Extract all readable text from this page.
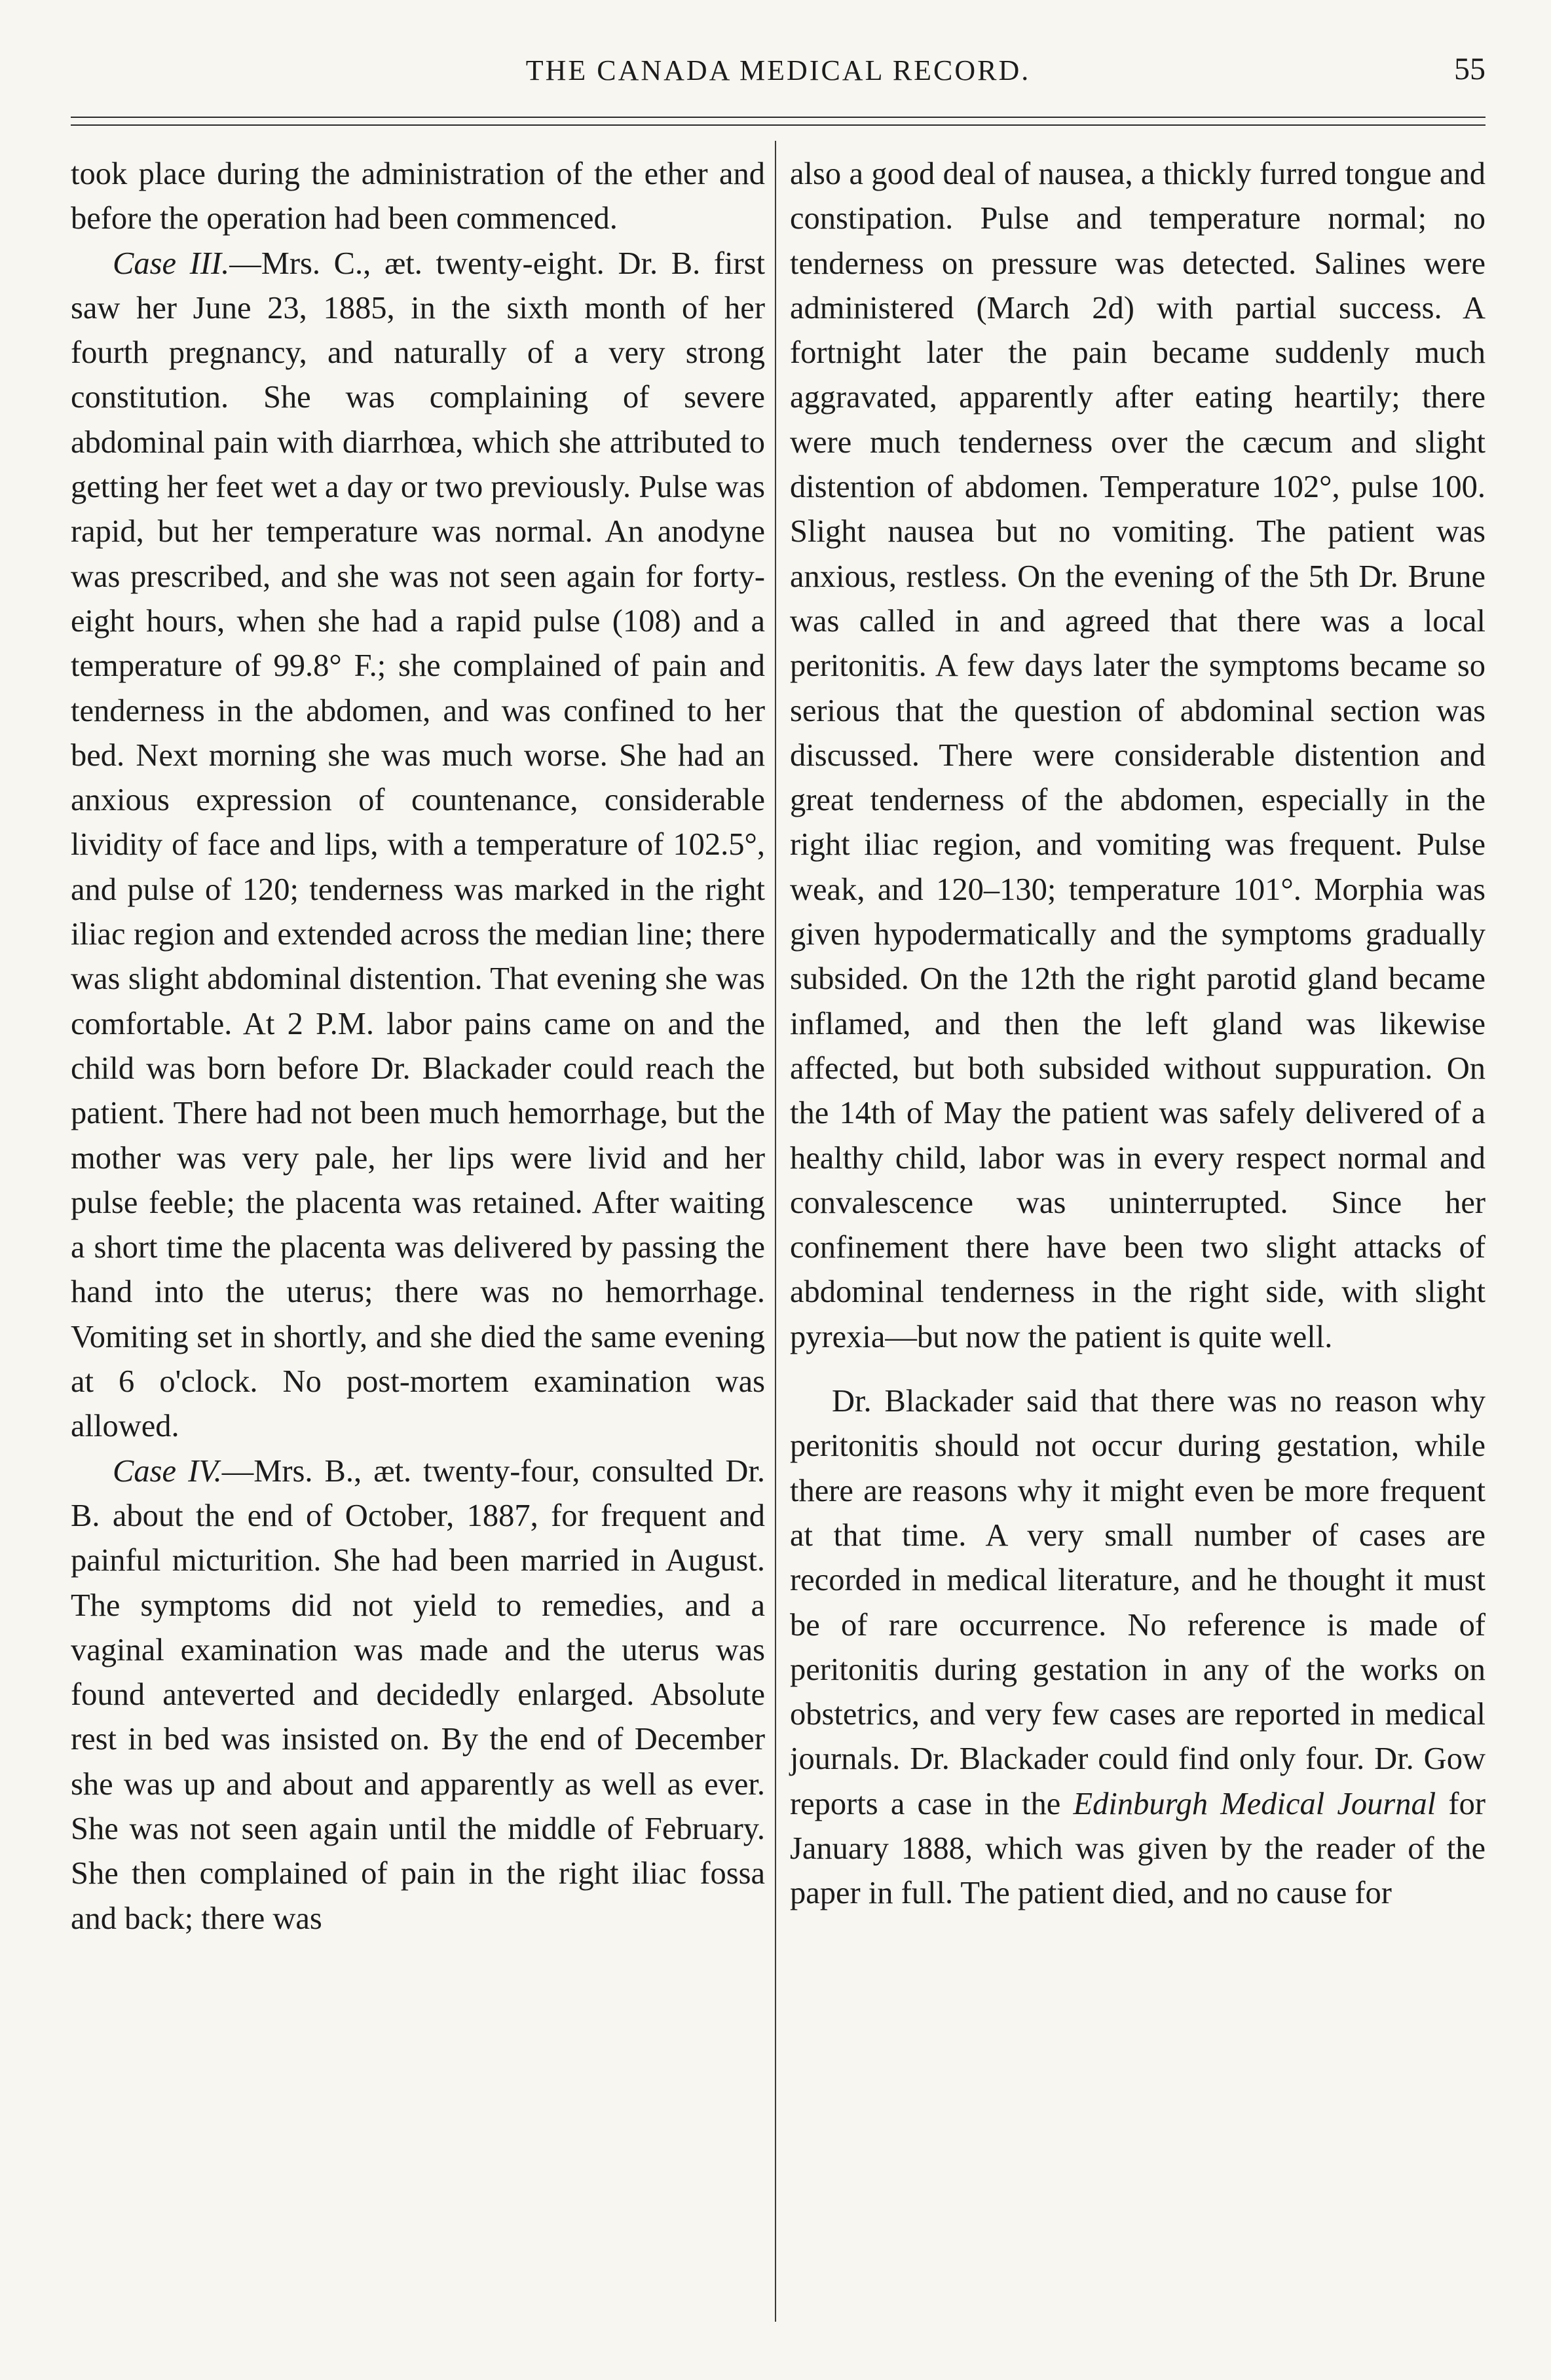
THE CANADA MEDICAL RECORD.	55

took place during the administration of the ether and before the operation had been commenced.

Case III.—Mrs. C., æt. twenty-eight. Dr. B. first saw her June 23, 1885, in the sixth month of her fourth pregnancy, and naturally of a very strong constitution. She was complaining of severe abdominal pain with diarrhœa, which she attributed to getting her feet wet a day or two previously. Pulse was rapid, but her temperature was normal. An anodyne was prescribed, and she was not seen again for forty-eight hours, when she had a rapid pulse (108) and a temperature of 99.8° F.; she complained of pain and tenderness in the abdomen, and was confined to her bed. Next morning she was much worse. She had an anxious expression of countenance, considerable lividity of face and lips, with a temperature of 102.5°, and pulse of 120; tenderness was marked in the right iliac region and extended across the median line; there was slight abdominal distention. That evening she was comfortable. At 2 P.M. labor pains came on and the child was born before Dr. Blackader could reach the patient. There had not been much hemorrhage, but the mother was very pale, her lips were livid and her pulse feeble; the placenta was retained. After waiting a short time the placenta was delivered by passing the hand into the uterus; there was no hemorrhage. Vomiting set in shortly, and she died the same evening at 6 o'clock. No post-mortem examination was allowed.

Case IV.—Mrs. B., æt. twenty-four, consulted Dr. B. about the end of October, 1887, for frequent and painful micturition. She had been married in August. The symptoms did not yield to remedies, and a vaginal examination was made and the uterus was found anteverted and decidedly enlarged. Absolute rest in bed was insisted on. By the end of December she was up and about and apparently as well as ever. She was not seen again until the middle of February. She then complained of pain in the right iliac fossa and back; there was

also a good deal of nausea, a thickly furred tongue and constipation. Pulse and temperature normal; no tenderness on pressure was detected. Salines were administered (March 2d) with partial success. A fortnight later the pain became suddenly much aggravated, apparently after eating heartily; there were much tenderness over the cæcum and slight distention of abdomen. Temperature 102°, pulse 100. Slight nausea but no vomiting. The patient was anxious, restless. On the evening of the 5th Dr. Brune was called in and agreed that there was a local peritonitis. A few days later the symptoms became so serious that the question of abdominal section was discussed. There were considerable distention and great tenderness of the abdomen, especially in the right iliac region, and vomiting was frequent. Pulse weak, and 120–130; temperature 101°. Morphia was given hypodermatically and the symptoms gradually subsided. On the 12th the right parotid gland became inflamed, and then the left gland was likewise affected, but both subsided without suppuration. On the 14th of May the patient was safely delivered of a healthy child, labor was in every respect normal and convalescence was uninterrupted. Since her confinement there have been two slight attacks of abdominal tenderness in the right side, with slight pyrexia—but now the patient is quite well.

Dr. Blackader said that there was no reason why peritonitis should not occur during gestation, while there are reasons why it might even be more frequent at that time. A very small number of cases are recorded in medical literature, and he thought it must be of rare occurrence. No reference is made of peritonitis during gestation in any of the works on obstetrics, and very few cases are reported in medical journals. Dr. Blackader could find only four. Dr. Gow reports a case in the Edinburgh Medical Journal for January 1888, which was given by the reader of the paper in full. The patient died, and no cause for
